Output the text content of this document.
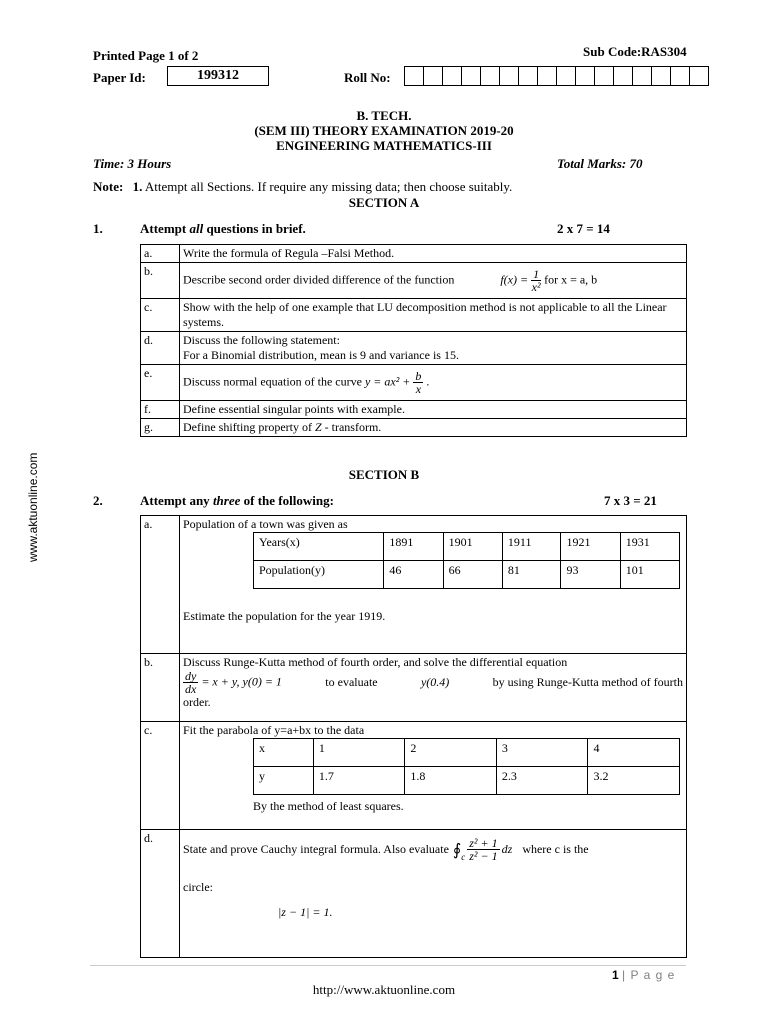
Printed Page 1 of 2	Sub Code:RAS304
Paper Id:	199312	Roll No:
B. TECH.
(SEM III) THEORY EXAMINATION 2019-20
ENGINEERING MATHEMATICS-III
Time: 3 Hours	Total Marks: 70
Note: 1. Attempt all Sections. If require any missing data; then choose suitably.
SECTION A
1.	Attempt all questions in brief.	2 x 7 = 14
a.	Write the formula of Regula –Falsi Method.
b.	Describe second order divided difference of the function $f(x) = \frac{1}{\text{x²}}$ for x = a, b
c.	Show with the help of one example that LU decomposition method is not applicable to all the Linear systems.
d.	Discuss the following statement:
For a Binomial distribution, mean is 9 and variance is 15.

e.	Discuss normal equation of the curve $y = ax^2 + \frac{b}{x}$ .
f.	Define essential singular points with example.
g.	Define shifting property of Z - transform.
SECTION B
2.	Attempt any three of the following:	7 x 3 = 21
a.	Population of a town was given as
Years(x)	1891	1901	1911	1921	1931
Population(y)	46	66	81	93	101
Estimate the population for the year 1919.

b.	Discuss Runge-Kutta method of fourth order, and solve the differential equation
$\frac{dy}{dx} = x + y$, y(0) = 1	to evaluate	y(0.4)	by using Runge-Kutta method of fourth
order.

c.	Fit the parabola of y=a+bx to the data
x	1	2	3	4
y	1.7	1.8	2.3	3.2
By the method of least squares.

d.	
State and prove Cauchy integral formula. Also evaluate ∮ c $\frac{\text{z² + 1}}{\text{z² − 1}}$ dz where c is the
circle:
|z − 1| = 1.
www.aktuonline.com
1 | P a g e
http://www.aktuonline.com
